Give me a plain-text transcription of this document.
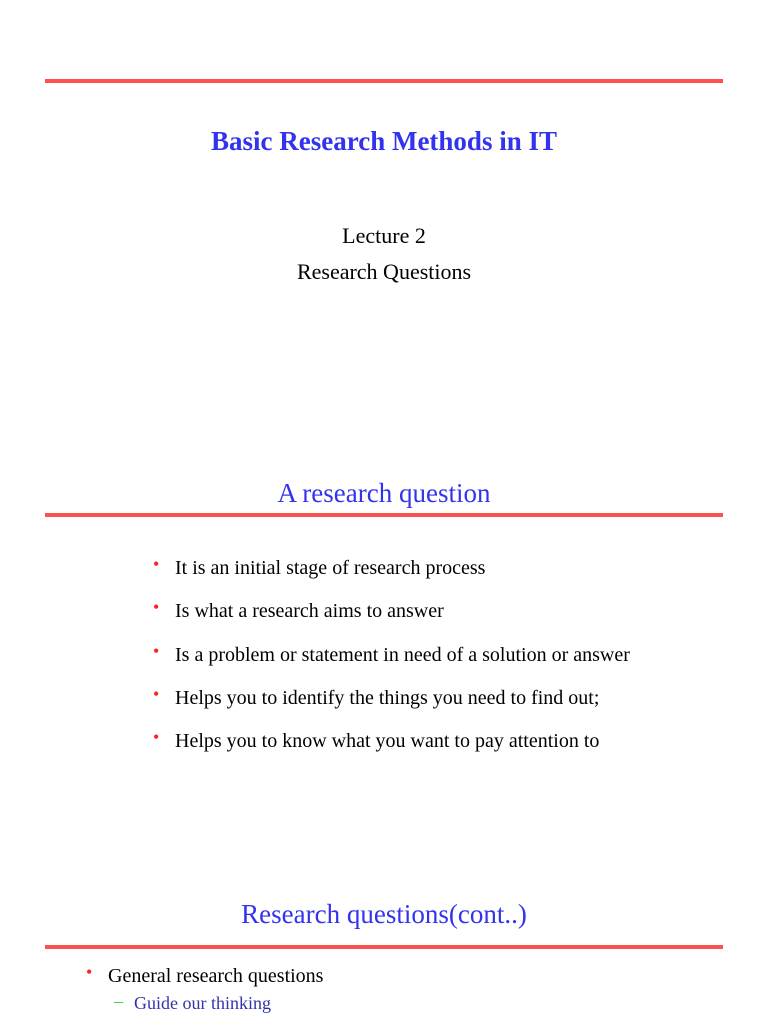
Basic Research Methods in IT
Lecture 2
Research Questions
A research question
• It is an initial stage of research process
• Is what a research aims to answer
• Is a problem or statement in need of a solution or answer
• Helps you to identify the things you need to find out;
• Helps you to know what you want to pay attention to
Research questions(cont..)
• General research questions
– Guide our thinking
